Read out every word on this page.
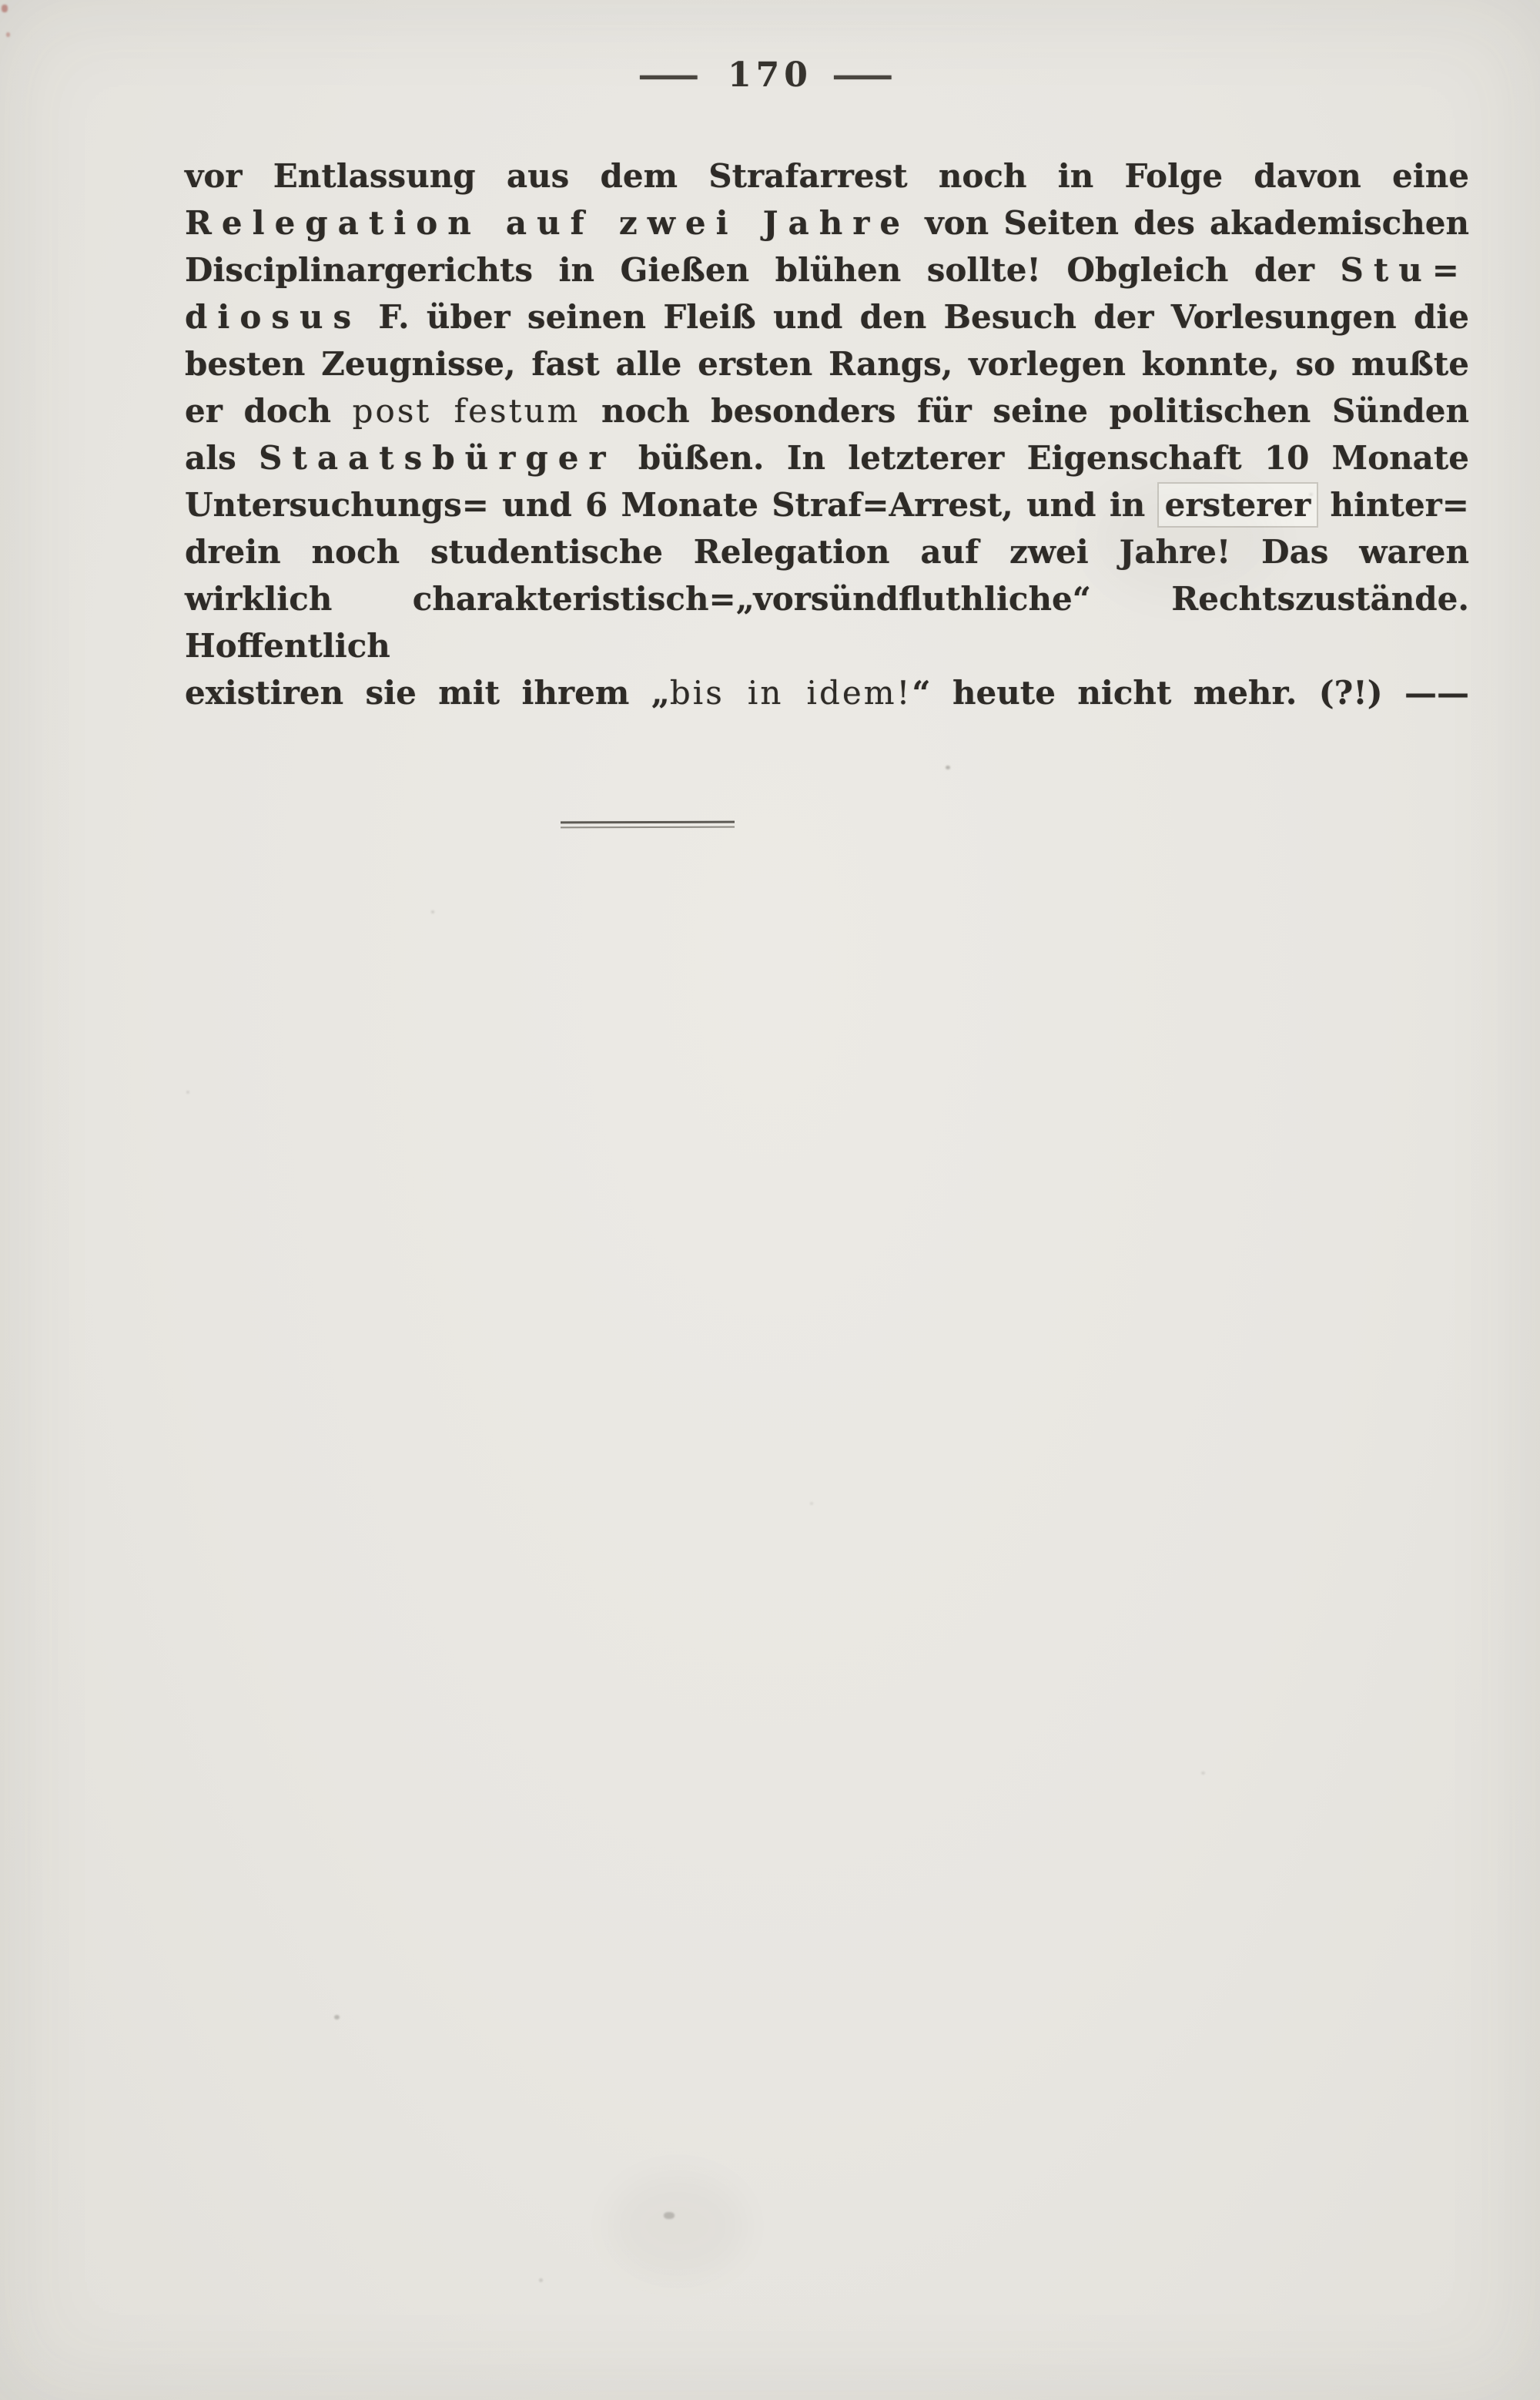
— 170 —
vor Entlassung aus dem Strafarrest noch in Folge davon eine
Relegation auf zwei Jahre von Seiten des akademischen
Disciplinargerichts in Gießen blühen sollte! Obgleich der Stu=
diosus F. über seinen Fleiß und den Besuch der Vorlesungen die
besten Zeugnisse, fast alle ersten Rangs, vorlegen konnte, so mußte
er doch post festum noch besonders für seine politischen Sünden
als Staatsbürger büßen. In letzterer Eigenschaft 10 Monate
Untersuchungs= und 6 Monate Straf=Arrest, und in ersterer hinter=
drein noch studentische Relegation auf zwei Jahre! Das waren
wirklich charakteristisch=„vorsündfluthliche“ Rechtszustände. Hoffentlich
existiren sie mit ihrem „bis in idem!“ heute nicht mehr. (?!) ——
